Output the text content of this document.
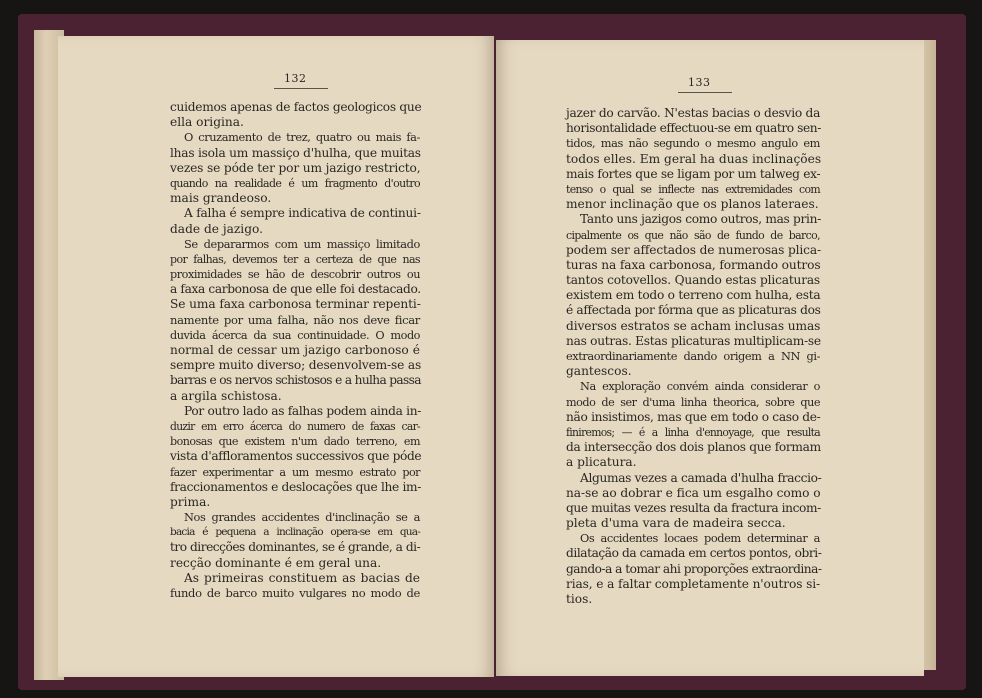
132
cuidemos apenas de factos geologicos que
ella origina.
O cruzamento de trez, quatro ou mais fa-
lhas isola um massiço d'hulha, que muitas
vezes se póde ter por um jazigo restricto,
quando na realidade é um fragmento d'outro
mais grandeoso.
A falha é sempre indicativa de continui-
dade de jazigo.
Se depararmos com um massiço limitado
por falhas, devemos ter a certeza de que nas
proximidades se hão de descobrir outros ou
a faxa carbonosa de que elle foi destacado.
Se uma faxa carbonosa terminar repenti-
namente por uma falha, não nos deve ficar
duvida ácerca da sua continuidade. O modo
normal de cessar um jazigo carbonoso é
sempre muito diverso; desenvolvem-se as
barras e os nervos schistosos e a hulha passa
a argila schistosa.
Por outro lado as falhas podem ainda in-
duzir em erro ácerca do numero de faxas car-
bonosas que existem n'um dado terreno, em
vista d'affloramentos successivos que póde
fazer experimentar a um mesmo estrato por
fraccionamentos e deslocações que lhe im-
prima.
Nos grandes accidentes d'inclinação se a
bacia é pequena a inclinação opera-se em qua-
tro direcções dominantes, se é grande, a di-
recção dominante é em geral una.
As primeiras constituem as bacias de
fundo de barco muito vulgares no modo de
133
jazer do carvão. N'estas bacias o desvio da
horisontalidade effectuou-se em quatro sen-
tidos, mas não segundo o mesmo angulo em
todos elles. Em geral ha duas inclinações
mais fortes que se ligam por um talweg ex-
tenso o qual se inflecte nas extremidades com
menor inclinação que os planos lateraes.
Tanto uns jazigos como outros, mas prin-
cipalmente os que não são de fundo de barco,
podem ser affectados de numerosas plica-
turas na faxa carbonosa, formando outros
tantos cotovellos. Quando estas plicaturas
existem em todo o terreno com hulha, esta
é affectada por fórma que as plicaturas dos
diversos estratos se acham inclusas umas
nas outras. Estas plicaturas multiplicam-se
extraordinariamente dando origem a NN gi-
gantescos.
Na exploração convém ainda considerar o
modo de ser d'uma linha theorica, sobre que
não insistimos, mas que em todo o caso de-
finiremos; — é a linha d'ennoyage, que resulta
da intersecção dos dois planos que formam
a plicatura.
Algumas vezes a camada d'hulha fraccio-
na-se ao dobrar e fica um esgalho como o
que muitas vezes resulta da fractura incom-
pleta d'uma vara de madeira secca.
Os accidentes locaes podem determinar a
dilatação da camada em certos pontos, obri-
gando-a a tomar ahi proporções extraordina-
rias, e a faltar completamente n'outros si-
tios.
